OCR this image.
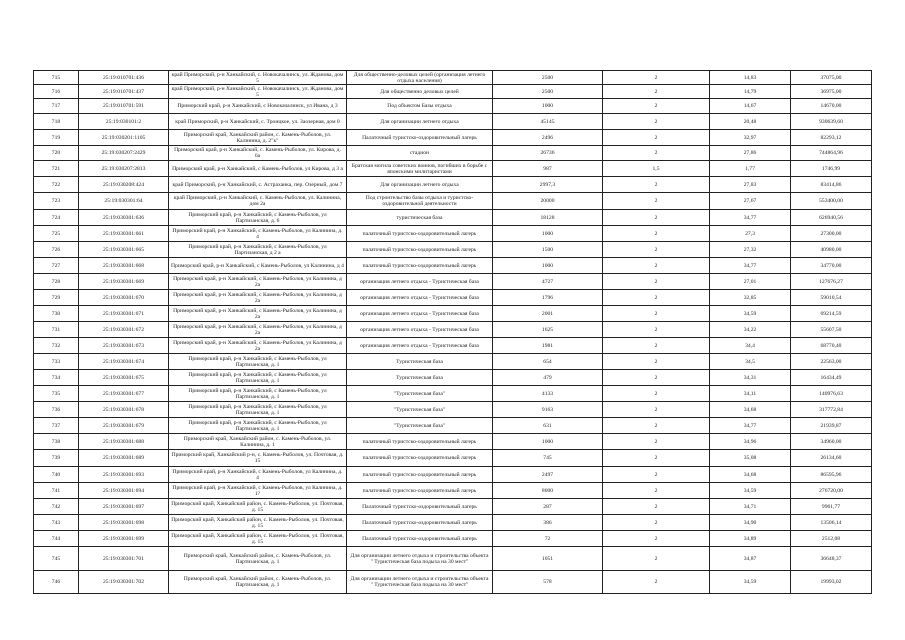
715	25:19:010701:436	край Приморский, р-н Ханкайский, с. Новокачалинск, ул. Жданова, дом 5	Для общественно-деловых целей (организация летнего отдыха населения)	2500	2	14,83	37075,00
716	25:19:010701:437	край Приморский, р-н Ханкайский, с. Новокачалинск, ул. Жданова, дом 5	Для общественно деловых целей	2500	2	14,79	36975,00
717	25:19:010701:591	Приморский край, р-н Ханкайский, с Новокачалинск, ул Ивана, д 3	Под объектом Базы отдыха	1000	2	14,67	14670,00
718	25:19:030101:2	край Приморский, р-н Ханкайский, с. Троицкое, ул. Заозерная, дом 0	Для организации летнего отдыха	45145	2	20,48	930639,60
719	25:19:030201:1105	Приморский край, Ханкайский район, с. Камень-Рыболов, ул. Калинина, д. 2"к"	Палаточный туристско-оздоровительный лагерь	2496	2	32,97	82293,12
720	25:19:030207:2429	Приморский край, р-н Ханкайский, с. Камень-Рыболов, ул. Кирова, д. 6а	стадион	26736	2	27,86	744864,96
721	25:19:030207:2813	Приморский край, р-н Ханкайский, с Камень-Рыболов, ул Кирова, д 3 а	Братская могила советских воинов, погибших в борьбе с японскими милитаристами	987	1,5	1,77	1746,99
722	25:19:030208:424	край Приморский, р-н Ханкайский, с. Астраханка, пер. Озерный, дом 7	Для организации летнего отдыха	2997,3	2	27,83	83414,86
723	25:19:030301:64	край Приморский, р-н Ханкайский, с. Камень-Рыболов, ул. Калинина, дом 2а	Под строительство базы отдыха и туристско-оздоровительной деятельности	20000	2	27,67	553400,00
724	25:19:030301:636	Приморский край, р-н Ханкайский, с Камень-Рыболов, ул Партизанская, д. 6	туристическая база	18128	2	34,77	626940,56
725	25:19:030301:661	Приморский край, р-н Ханкайский, с Камень-Рыболов, ул Калинина, д. 4	палаточный туристско-оздоровительный лагерь	1000	2	27,3	27300,00
726	25:19:030301:665	Приморский край, р-н Ханкайский, с Камень-Рыболов, ул Партизанская, д 2 а	палаточный туристско-оздоровительный лагерь	1500	2	27,32	40980,00
727	25:19:030301:668	Приморский край, р-н Ханкайский, с Камень-Рыболов, ул Калинина, д 4	палаточный туристско-оздоровительный лагерь	1000	2	34,77	34770,00
728	25:19:030301:669	Приморский край, р-н Ханкайский, с Камень-Рыболов, ул Калинина, д 2а	организация летнего отдыха - Туристическая база	4727	2	27,01	127676,27
729	25:19:030301:670	Приморский край, р-н Ханкайский, с Камень-Рыболов, ул Калинина, д 2а	организация летнего отдыха - Туристическая база	1796	2	32,85	59010,54
730	25:19:030301:671	Приморский край, р-н Ханкайский, с Камень-Рыболов, ул Калинина, д 2а	организация летнего отдыха - Туристическая база	2001	2	34,59	69214,59
731	25:19:030301:672	Приморский край, р-н Ханкайский, с Камень-Рыболов, ул Калинина, д 2а	организация летнего отдыха - Туристическая база	1625	2	34,22	55607,50
732	25:19:030301:673	Приморский край, р-н Ханкайский, с Камень-Рыболов, ул Калинина, д 2а	организация летнего отдыха - Туристическая база	1981	2	34,4	68770,40
733	25:19:030301:674	Приморский край, р-н Ханкайский, с Камень-Рыболов, ул Партизанская, д. 1	Туристическая база	654	2	34,5	22563,00
734	25:19:030301:675	Приморский край, р-н Ханкайский, с Камень-Рыболов, ул Партизанская, д. 1	Туристическая база	479	2	34,31	16434,49
735	25:19:030301:677	Приморский край, р-н Ханкайский, с Камень-Рыболов, ул Партизанская, д. 1	"Туристическая база"	4133	2	34,11	140976,63
736	25:19:030301:678	Приморский край, р-н Ханкайский, с Камень-Рыболов, ул Партизанская, д. 1	"Туристическая база"	9163	2	34,68	317772,84
737	25:19:030301:679	Приморский край, р-н Ханкайский, с Камень-Рыболов, ул Партизанская, д. 1	"Туристическая база"	631	2	34,77	21939,87
738	25:19:030301:688	Приморский край, Ханкайский район, с. Камень-Рыболов, ул. Калинина, д. 1	палаточный туристско-оздоровительный лагерь	1000	2	34,96	34960,00
739	25:19:030301:689	Приморский край, Ханкайский р-н, с. Камень-Рыболов, ул. Почтовая, д. 15	палаточный туристско-оздоровительный лагерь	745	2	35,08	26134,60
740	25:19:030301:693	Приморский край, р-н Ханкайский, с Камень-Рыболов, ул Калинина, д. 4	палаточный туристско-оздоровительный лагерь	2497	2	34,68	86595,96
741	25:19:030301:694	Приморский край, р-н Ханкайский, с Камень-Рыболов, ул Калинина, д. 1?	палаточный туристско-оздоровительный лагерь	8000	2	34,59	276720,00
742	25:19:030301:697	Приморский край, Ханкайский район, с. Камень-Рыболов, ул. Почтовая, д. 15	Палаточный туристско-оздоровительный лагерь	287	2	34,71	9961,77
743	25:19:030301:698	Приморский край, Ханкайский район, с. Камень-Рыболов, ул. Почтовая, д. 15	Палаточный туристско-оздоровительный лагерь	386	2	34,90	13506,14
744	25:19:030301:699	Приморский край, Ханкайский район, с. Камень-Рыболов, ул. Почтовая, д. 15	Палаточный туристско-оздоровительный лагерь	72	2	34,89	2512,08
745	25:19:030301:701	Приморский край, Ханкайский район, с. Камень-Рыболов, ул. Партизанская, д. 1	Для организации летнего отдыха и строительства объекта " Туристическая база подыха на 30 мест"	1051	2	34,87	36648,37
746	25:19:030301:702	Приморский край, Ханкайский район, с. Камень-Рыболов, ул. Партизанская, д. 1	Для организации летнего отдыха и строительства объекта " Туристическая база подыха на 30 мест"	578	2	34,59	19993,02
